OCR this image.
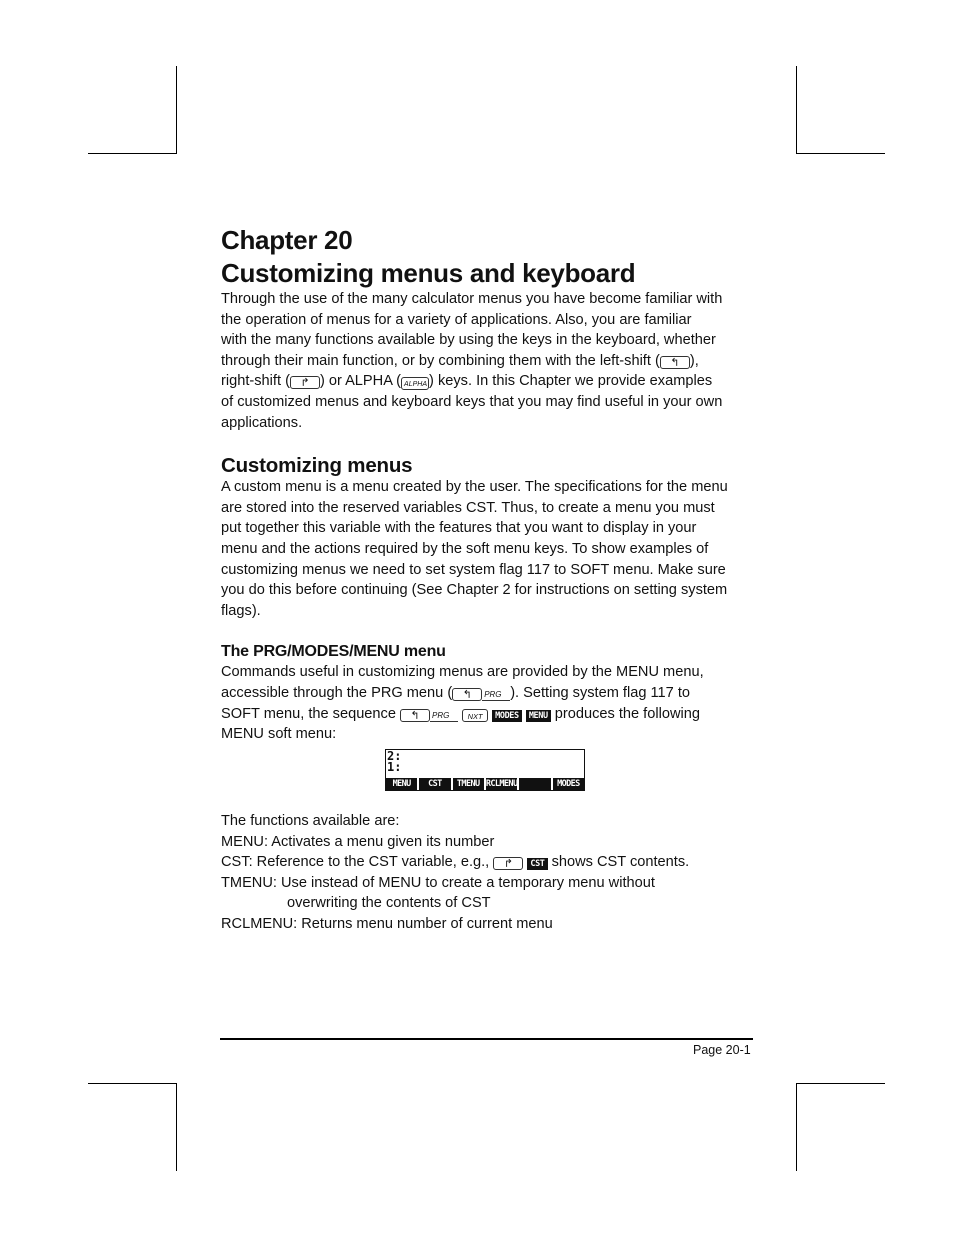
Chapter 20
Customizing menus and keyboard

Through the use of the many calculator menus you have become familiar with

the operation of menus for a variety of applications. Also, you are familiar

with the many functions available by using the keys in the keyboard, whether

through their main function, or by combining them with the left-shift ( ↰ ),

right-shift ( ↱ ) or ALPHA ( ALPHA ) keys. In this Chapter we provide examples

of customized menus and keyboard keys that you may find useful in your own

applications.

Customizing menus

A custom menu is a menu created by the user. The specifications for the menu

are stored into the reserved variables CST. Thus, to create a menu you must

put together this variable with the features that you want to display in your

menu and the actions required by the soft menu keys. To show examples of

customizing menus we need to set system flag 117 to SOFT menu. Make sure

you do this before continuing (See Chapter 2 for instructions on setting system

flags).

The PRG/MODES/MENU menu

Commands useful in customizing menus are provided by the MENU menu,

accessible through the PRG menu ( ↰ PRG ). Setting system flag 117 to

SOFT menu, the sequence ↰ PRG NXT MODES MENU produces the following

MENU soft menu:

2:
1:
MENU	CST	TMENU RCLMENU	MODES

The functions available are:

MENU: Activates a menu given its number

CST: Reference to the CST variable, e.g., ↱ CST shows CST contents.

TMENU: Use instead of MENU to create a temporary menu without

overwriting the contents of CST

RCLMENU: Returns menu number of current menu

Page 20-1
